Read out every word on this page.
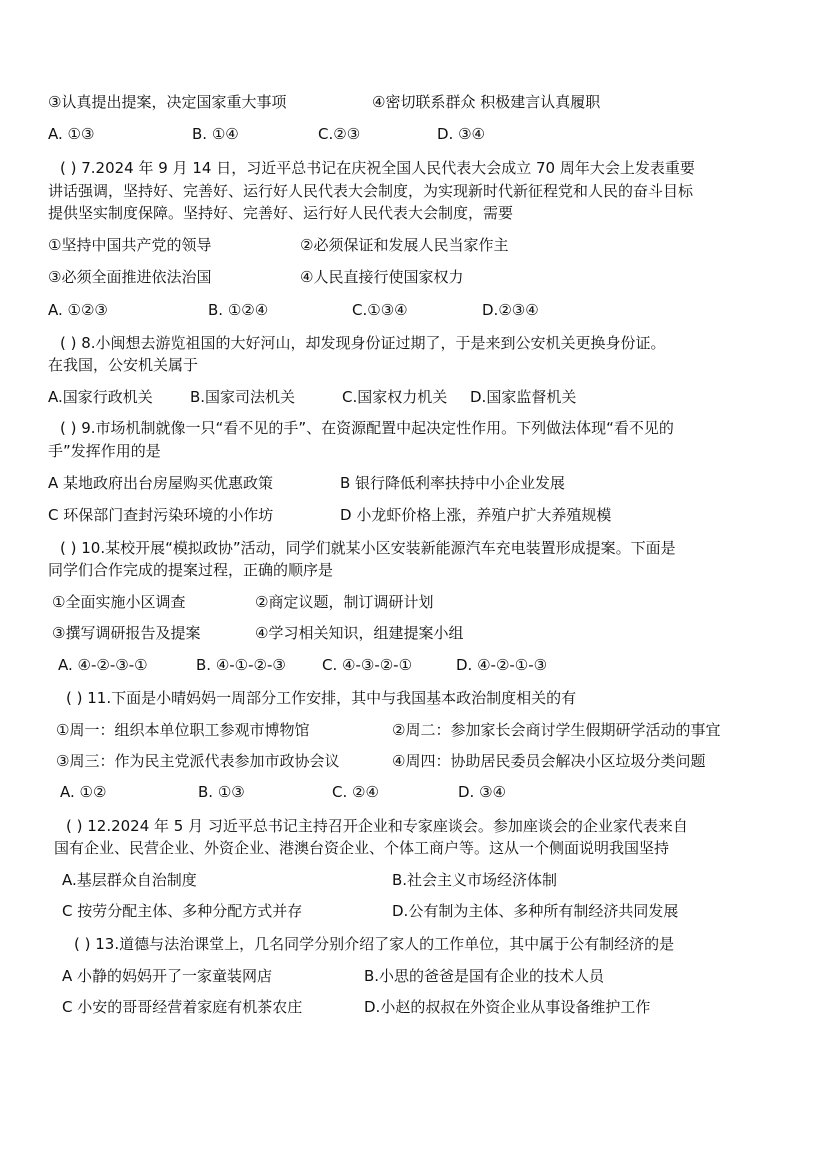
③认真提出提案，决定国家重大事项	④密切联系群众 积极建言认真履职
A. ①③	B. ①④	C.②③	D. ③④
( ) 7.2024 年 9 月 14 日，习近平总书记在庆祝全国人民代表大会成立 70 周年大会上发表重要
讲话强调，坚持好、完善好、运行好人民代表大会制度，为实现新时代新征程党和人民的奋斗目标
提供坚实制度保障。坚持好、完善好、运行好人民代表大会制度，需要
①坚持中国共产党的领导	②必须保证和发展人民当家作主
③必须全面推进依法治国	④人民直接行使国家权力
A. ①②③	B. ①②④	C.①③④	D.②③④
( ) 8.小闽想去游览祖国的大好河山，却发现身份证过期了，于是来到公安机关更换身份证。
在我国，公安机关属于
A.国家行政机关 B.国家司法机关	C.国家权力机关 D.国家监督机关
( ) 9.市场机制就像一只“看不见的手”、在资源配置中起决定性作用。下列做法体现“看不见的
手”发挥作用的是
A 某地政府出台房屋购买优惠政策	B 银行降低利率扶持中小企业发展
C 环保部门查封污染环境的小作坊	D 小龙虾价格上涨，养殖户扩大养殖规模
( ) 10.某校开展“模拟政协”活动，同学们就某小区安装新能源汽车充电装置形成提案。下面是
同学们合作完成的提案过程，正确的顺序是
①全面实施小区调查	②商定议题，制订调研计划
③撰写调研报告及提案	④学习相关知识，组建提案小组
A. ④-②-③-①	B. ④-①-②-③ C. ④-③-②-①	D. ④-②-①-③
( ) 11.下面是小晴妈妈一周部分工作安排，其中与我国基本政治制度相关的有
①周一：组织本单位职工参观市博物馆	②周二：参加家长会商讨学生假期研学活动的事宜
③周三：作为民主党派代表参加市政协会议	④周四：协助居民委员会解决小区垃圾分类问题
A. ①②	B. ①③	C. ②④	D. ③④
( ) 12.2024 年 5 月 习近平总书记主持召开企业和专家座谈会。参加座谈会的企业家代表来自
国有企业、民营企业、外资企业、港澳台资企业、个体工商户等。这从一个侧面说明我国坚持
A.基层群众自治制度	B.社会主义市场经济体制
C 按劳分配主体、多种分配方式并存	D.公有制为主体、多种所有制经济共同发展
( ) 13.道德与法治课堂上，几名同学分别介绍了家人的工作单位，其中属于公有制经济的是
A 小静的妈妈开了一家童装网店	B.小思的爸爸是国有企业的技术人员
C 小安的哥哥经营着家庭有机茶农庄	D.小赵的叔叔在外资企业从事设备维护工作
